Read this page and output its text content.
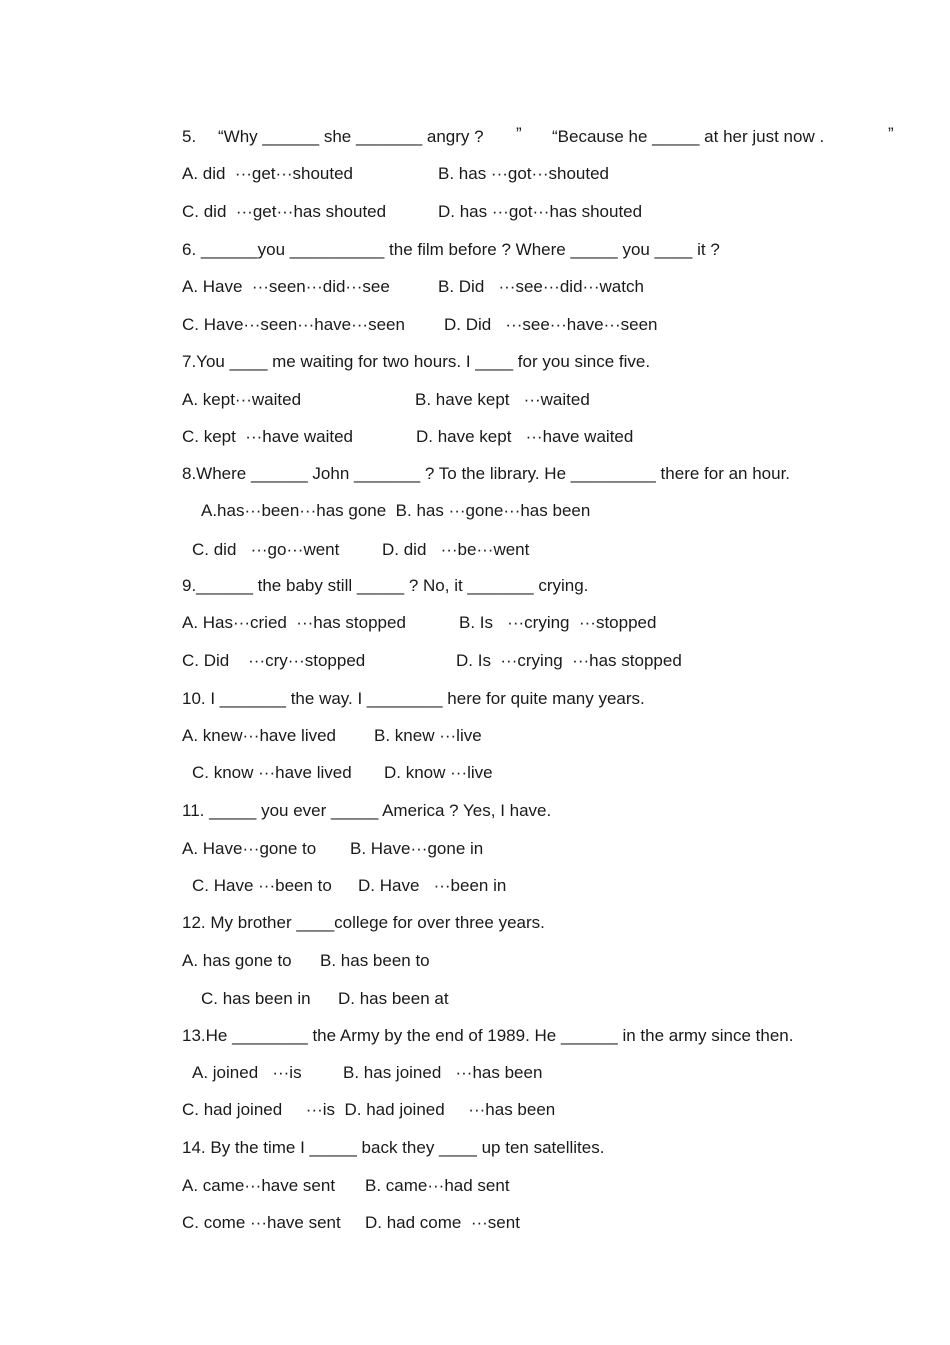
5. “Why ______ she _______ angry ? ” “Because he _____ at her just now .	”
A. did  ···get···shouted	B. has ···got···shouted
C. did  ···get···has shouted	D. has ···got···has shouted
6. ______you __________ the film before ? Where _____ you ____ it ?
A. Have  ···seen···did···see	B. Did   ···see···did···watch
C. Have···seen···have···seen D. Did   ···see···have···seen
7.You ____ me waiting for two hours. I ____ for you since five.
A. kept···waited	B. have kept   ···waited
C. kept  ···have waited	D. have kept   ···have waited
8.Where ______ John _______ ? To the library. He _________ there for an hour.
A.has···been···has gone  B. has ···gone···has been
C. did   ···go···went	D. did   ···be···went
9.______ the baby still _____ ? No, it _______ crying.
A. Has···cried  ···has stopped	B. Is   ···crying  ···stopped
C. Did    ···cry···stopped	D. Is  ···crying  ···has stopped
10. I _______ the way. I ________ here for quite many years.
A. knew···have lived B. knew ···live
C. know ···have lived D. know ···live
11. _____ you ever _____ America ? Yes, I have.
A. Have···gone to B. Have···gone in
C. Have ···been to D. Have   ···been in
12. My brother ____college for over three years.
A. has gone to B. has been to
C. has been in D. has been at
13.He ________ the Army by the end of 1989. He ______ in the army since then.
A. joined   ···is B. has joined   ···has been
C. had joined     ···is  D. had joined     ···has been
14. By the time I _____ back they ____ up ten satellites.
A. came···have sent B. came···had sent
C. come ···have sent D. had come  ···sent
